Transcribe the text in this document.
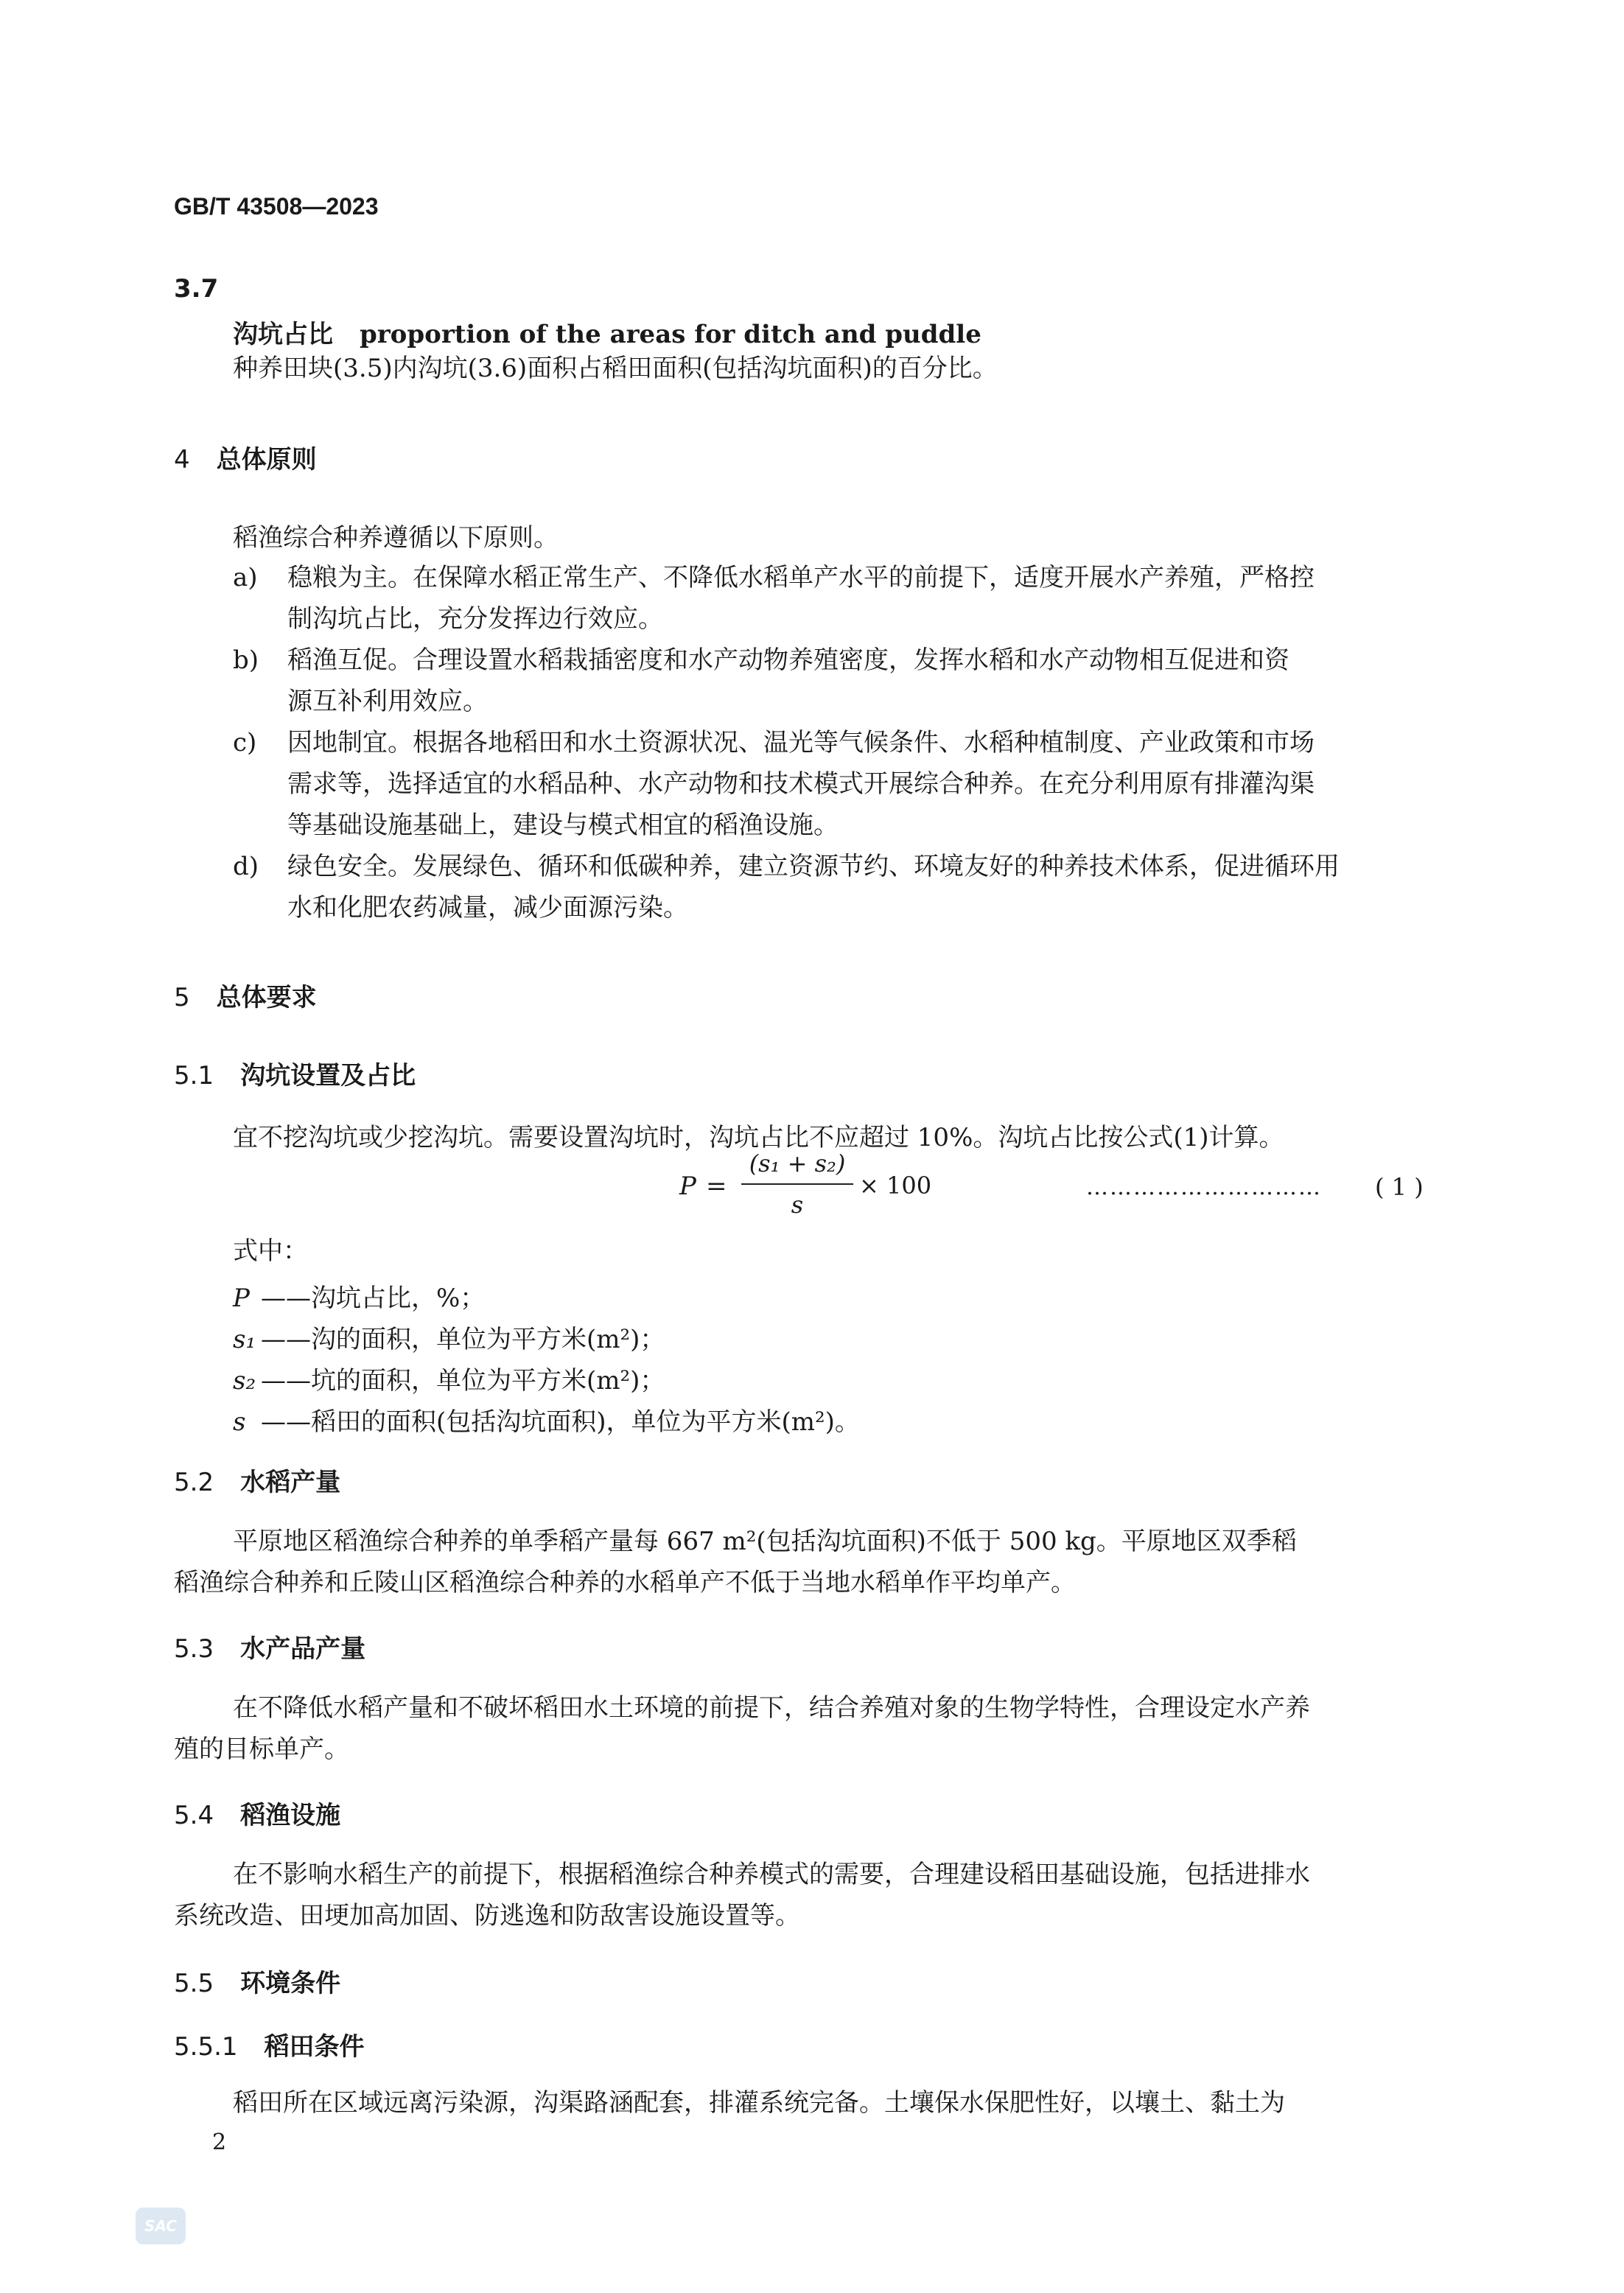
GB/T 43508—2023
3.7
沟坑占比 proportion of the areas for ditch and puddle
种养田块(3.5)内沟坑(3.6)面积占稻田面积(包括沟坑面积)的百分比。
4 总体原则
稻渔综合种养遵循以下原则。
a) 稳粮为主。在保障水稻正常生产、不降低水稻单产水平的前提下，适度开展水产养殖，严格控
制沟坑占比，充分发挥边行效应。
b) 稻渔互促。合理设置水稻栽插密度和水产动物养殖密度，发挥水稻和水产动物相互促进和资
源互补利用效应。
c) 因地制宜。根据各地稻田和水土资源状况、温光等气候条件、水稻种植制度、产业政策和市场
需求等，选择适宜的水稻品种、水产动物和技术模式开展综合种养。在充分利用原有排灌沟渠
等基础设施基础上，建设与模式相宜的稻渔设施。
d) 绿色安全。发展绿色、循环和低碳种养，建立资源节约、环境友好的种养技术体系，促进循环用
水和化肥农药减量，减少面源污染。
5 总体要求
5.1 沟坑设置及占比
宜不挖沟坑或少挖沟坑。需要设置沟坑时，沟坑占比不应超过 10%。沟坑占比按公式(1)计算。
P =
(s₁ + s₂)
s
× 100	………………………… ( 1 )
式中：
P ——沟坑占比，%；
s₁ ——沟的面积，单位为平方米(m²)；
s₂ ——坑的面积，单位为平方米(m²)；
s ——稻田的面积(包括沟坑面积)，单位为平方米(m²)。
5.2 水稻产量
平原地区稻渔综合种养的单季稻产量每 667 m²(包括沟坑面积)不低于 500 kg。平原地区双季稻
稻渔综合种养和丘陵山区稻渔综合种养的水稻单产不低于当地水稻单作平均单产。
5.3 水产品产量
在不降低水稻产量和不破坏稻田水土环境的前提下，结合养殖对象的生物学特性，合理设定水产养
殖的目标单产。
5.4 稻渔设施
在不影响水稻生产的前提下，根据稻渔综合种养模式的需要，合理建设稻田基础设施，包括进排水
系统改造、田埂加高加固、防逃逸和防敌害设施设置等。
5.5 环境条件
5.5.1 稻田条件
稻田所在区域远离污染源，沟渠路涵配套，排灌系统完备。土壤保水保肥性好，以壤土、黏土为
2
SAC
